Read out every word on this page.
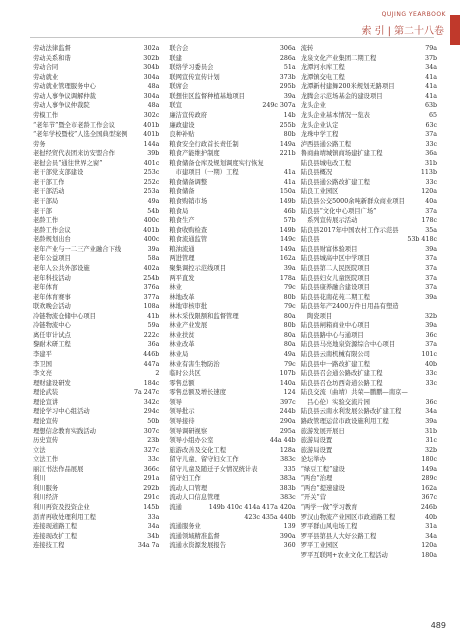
QUJING YEARBOOK
索 引 | 第二十八卷
劳动法律监督	302a
劳动关系和谐	302b
劳动合同	304b
劳动就业	304a
劳动就业管理服务中心	48a
劳动人事争议调解仲裁	304a
劳动人事争议仲裁院	48a
劳模工作	302c
“老年节”暨全市老龄工作会议	401b
“老年学校暨校”人选全国典型案例 401b
劳务	144a
老挝经贸代表团来访安盟合作	39b
老挝会员“通往世界之窗”	401c
老干部党支部建设	253c
老干部工作	252c
老干部活动	253a
老干部局	49a
老干部	54b
老龄工作	400c
老龄工作会议	401b
老龄规划出台	400c
老年产业与一二三产业融合下线	39a
老年公益项目	58a
老年人公共外部设施	402a
老年科技活动	254b
老年体育	376a
老年体育赛事	377a
联欢晚会活动	108a
冷链物流仓储中心项目	41b
冷链物流中心	59a
离任审计试点	222c
黎耐术研工程	36a
李建平	446b
李卫国	447a
李文亮	2
理财建设研发	184c
理论武装	7a 247c
理论宣讲	342c
理论学习中心组活动	294c
理论宣传	50b
理想信念教育实践活动	307c
历史宣传	23b
立法	327c
立法工作	33c
丽江书法作品展展	366c
利川	291a
利川服务	292b
利川经济	291c
利川再资及投资企业	145b
沥青再收处理利用工程	33a
连接现道路工程	34a
连接现改扩工程	34b
连接技工程	34a 7a
联合会	306a
联建	286a
联络学习委员会	51a
联网宣传宣传计划	373b
联席会	295b
联想住区监督种植基地项目	39a
联宣	249c 307a
廉洁宣传政府	14b
廉政建设	255b
良种补贴	80b
粮食安全行政首长责任制	149a
粮食产能维护制度	221b
粮食储备仓库及规划调度实行恢复
　市建项目（一期）工程	41a
粮食储备调整	41a
粮食储备	150a
粮食购销市场	149b
粮食局	46b
粮食生产	57b
粮食收购检查	149b
粮食流通监管	149c
粮油流通	149a
两进管理	162a
聚集调控示范线项目	39a
两平直发	178a
林业	79c
林地改革	80b
林地审核审批	79c
林木采伐限额和监督管理	80a
林业产业发展	80b
林业扶贫	80a
林业改革	80a
林业局	49a
林业有害生物防治	79c
临时公共区	107b
零售总额	140a
零售总额及增长速度	124
领导	397c
领导批示	244b
领导接待	290a
领导调研视察	295a
领导小组办公室	44a 44b
旅游改善及交化工程	128a
留守儿童、留守妇女工作	383c
留守儿童及随迁子女情况统计表	335
留守妇工作	383a
流动人口管理	383b
流动人口信息管理	383c
流通	149b 410c 414a 417a 420a
423c 435a 440b
流通服务业	139
流通领域精准监督	390a
流通水资源发展报告	360
流转	79a
龙泉文化产业集团二期工程	37b
龙潭河水库工程	34a
龙潭镇交电工程	41a
龙潭新村建舞200米规划无路项目	41a
龙腾会示范场基金的建设项目	41a
龙头企业	63b
龙头企业基本情况一览表	65
龙头企业认定	63c
龙珠中学工程	37a
泸西县通公路工程	33c
鲁商曲靖城镇商场建扩建工程	36a
陆良县城电改工程	31b
陆良县概况	113b
陆良县通公路改扩建工程	33c
陆良工业园区	120a
陆良县公交5000余吨新群众商业项目	40a
陆良县“文化中心项目广场”	37a
　系列宣传展示活动	178c
陆良县2017年中国农村工作示范县	35a
陆良县	53b 418c
陆良县财富体验项目	39a
陆良县城高中区中学项目	37a
陆良县第二人民医院项目	37a
陆良县妇女儿童医院项目	37a
陆良县康养融合建设项目	37a
陆良县花南花苑二期工程	39a
陆良县年产2400万件日用品有塑造
　陶瓷项目	32b
陆良县闸箱商业中心项目	39a
陆良县路中心与通项目	36c
陆良县马亮地泉资源综合中心项目	37a
陆良县云南机械有限公司	101c
陆良县中一路改扩建工程	40b
陆良县召会通公路改扩建工程	33c
陆良县召仓坊西奇道公路工程	33c
陆良交流（曲靖）共荣—鹏鹏—南京—
　吕心伦）实验交流片园	36c
陆良县云南水利发展公路改扩建工程	34a
路政管理运营市政设施利用工程	39a
旅游发展开展日	31b
旅游局设置	31c
旅游局设置	32b
论坛举办	180c
“绿豆工程”建设	149a
“两台”治理	289c
“两台”提速建设	162a
“开关”营	367c
“两学一做”学习教育	246b
罗汉山物流产业园区市政道路工程	40b
罗平群山风电场工程	31a
罗平县第县人大好公路工程	34a
罗平工业园区	120a
罗平互联网+农业文化工程活动	180a
489
